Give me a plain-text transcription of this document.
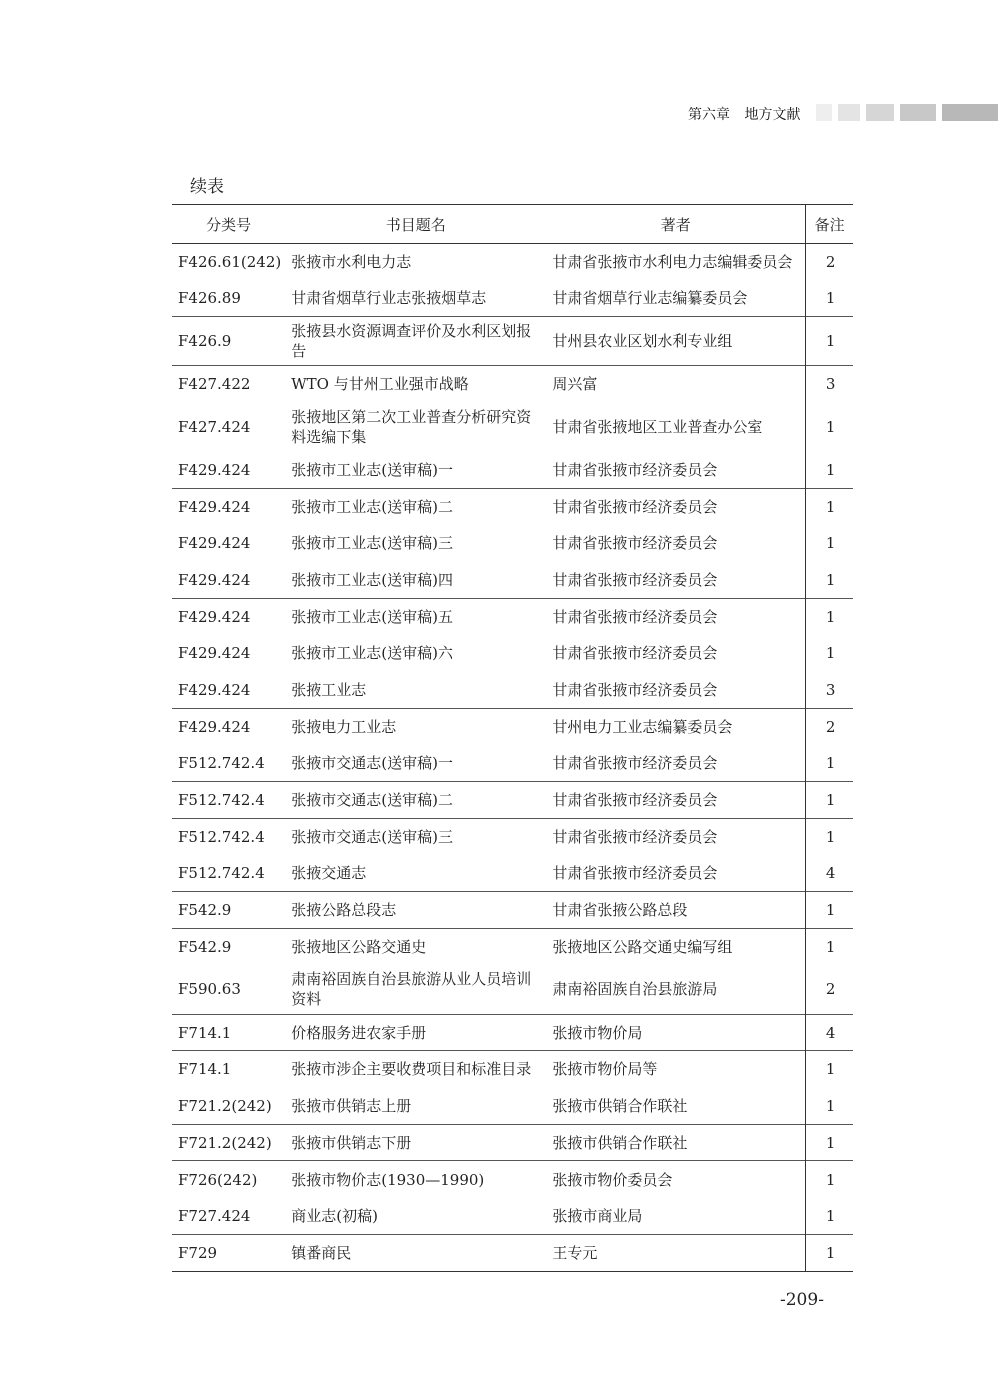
第六章 地方文献
续表
分类号	书目题名	著者	备注
F426.61(242)	张掖市水利电力志	甘肃省张掖市水利电力志编辑委员会	2
F426.89	甘肃省烟草行业志张掖烟草志	甘肃省烟草行业志编纂委员会	1
F426.9	张掖县水资源调查评价及水利区划报告	甘州县农业区划水利专业组	1
F427.422	WTO 与甘州工业强市战略	周兴富	3
F427.424	张掖地区第二次工业普查分析研究资料选编下集	甘肃省张掖地区工业普查办公室	1
F429.424	张掖市工业志(送审稿)一	甘肃省张掖市经济委员会	1
F429.424	张掖市工业志(送审稿)二	甘肃省张掖市经济委员会	1
F429.424	张掖市工业志(送审稿)三	甘肃省张掖市经济委员会	1
F429.424	张掖市工业志(送审稿)四	甘肃省张掖市经济委员会	1
F429.424	张掖市工业志(送审稿)五	甘肃省张掖市经济委员会	1
F429.424	张掖市工业志(送审稿)六	甘肃省张掖市经济委员会	1
F429.424	张掖工业志	甘肃省张掖市经济委员会	3
F429.424	张掖电力工业志	甘州电力工业志编纂委员会	2
F512.742.4	张掖市交通志(送审稿)一	甘肃省张掖市经济委员会	1
F512.742.4	张掖市交通志(送审稿)二	甘肃省张掖市经济委员会	1
F512.742.4	张掖市交通志(送审稿)三	甘肃省张掖市经济委员会	1
F512.742.4	张掖交通志	甘肃省张掖市经济委员会	4
F542.9	张掖公路总段志	甘肃省张掖公路总段	1
F542.9	张掖地区公路交通史	张掖地区公路交通史编写组	1
F590.63	肃南裕固族自治县旅游从业人员培训资料	肃南裕固族自治县旅游局	2
F714.1	价格服务进农家手册	张掖市物价局	4
F714.1	张掖市涉企主要收费项目和标准目录	张掖市物价局等	1
F721.2(242)	张掖市供销志上册	张掖市供销合作联社	1
F721.2(242)	张掖市供销志下册	张掖市供销合作联社	1
F726(242)	张掖市物价志(1930—1990)	张掖市物价委员会	1
F727.424	商业志(初稿)	张掖市商业局	1
F729	镇番商民	王专元	1
-209-
